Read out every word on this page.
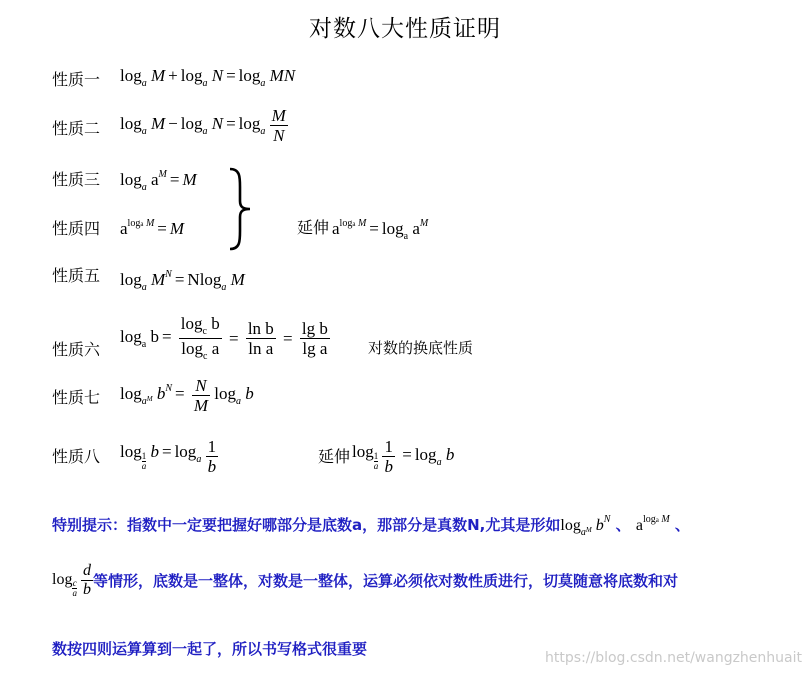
对数八大性质证明
性质一 $\log_a M + \log_a N = \log_a$ MN
性质二 $\log_a M - \log_a N = \log_a \frac{M}{N}$
性质三 $\log_a a^M = M$
性质四 $a^{loga M} = M$	延伸 $a^{loga M} = \log_a a^M$
性质五 $\log_a M^N = Nlog_a$ M
性质六
$\log_a b = \frac{\log_c b}{\log_c a} = \frac{\text{ln b}}{\text{ln a}} = \frac{\text{lg b}}{\text{lg a}}$	对数的换底性质
性质七 $\log_{a^M} b^N = \frac{N}{M} \log_a b$
性质八 log
$\frac{1}{a}$ $b = \log_a \frac{1}{b}$	延伸 log
$\frac{1}{a} \frac{1}{b} = \log_a b$
特别提示：指数中一定要把握好哪部分是底数a，那部分是真数N,尤其是形如$\log_{a^M} b^N$ 、 $a^{loga M}$ 、
$\log \frac{c}{a} \frac{d}{b}$ 等情形，底数是一整体，对数是一整体，运算必须依对数性质进行，切莫随意将底数和对
数按四则运算算到一起了，所以书写格式很重要	https://blog.csdn.net/wangzhenhuait
